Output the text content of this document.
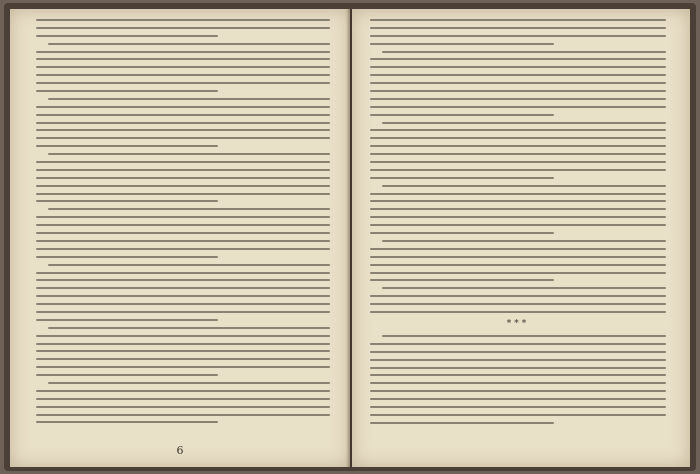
6
***
